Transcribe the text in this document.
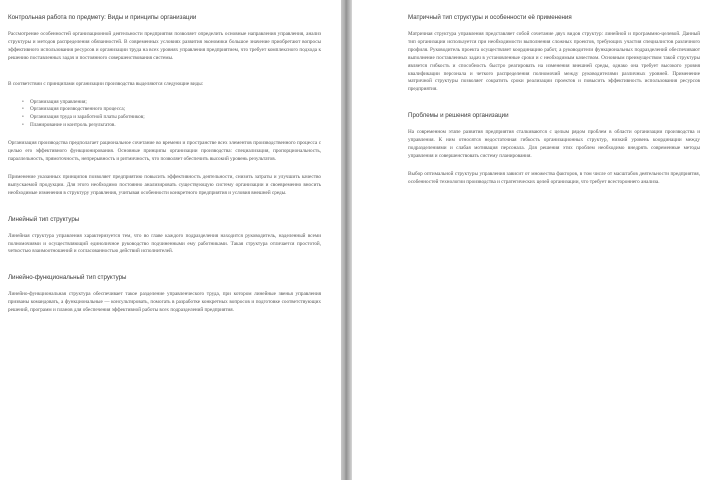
Контрольная работа по предмету: Виды и принципы организации
Рассмотрение особенностей организационной деятельности предприятия позволяет определить основные направления управления, анализ структуры и методов распределения обязанностей. В современных условиях развития экономики большое значение приобретают вопросы эффективного использования ресурсов и организации труда на всех уровнях управления предприятием, что требует комплексного подхода к решению поставленных задач и постоянного совершенствования системы.
В соответствии с принципами организации производства выделяются следующие виды:
• Организация управления;
• Организация производственного процесса;
• Организация труда и заработной платы работников;
• Планирование и контроль результатов.
Организация производства предполагает рациональное сочетание во времени и пространстве всех элементов производственного процесса с целью его эффективного функционирования. Основные принципы организации производства: специализация, пропорциональность, параллельность, прямоточность, непрерывность и ритмичность, что позволяет обеспечить высокий уровень результатов.
Применение указанных принципов позволяет предприятию повысить эффективность деятельности, снизить затраты и улучшить качество выпускаемой продукции. Для этого необходимо постоянно анализировать существующую систему организации и своевременно вносить необходимые изменения в структуру управления, учитывая особенности конкретного предприятия и условия внешней среды.
Линейный тип структуры
Линейная структура управления характеризуется тем, что во главе каждого подразделения находится руководитель, наделенный всеми полномочиями и осуществляющий единоличное руководство подчиненными ему работниками. Такая структура отличается простотой, четкостью взаимоотношений и согласованностью действий исполнителей.
Линейно-функциональный тип структуры
Линейно-функциональная структура обеспечивает такое разделение управленческого труда, при котором линейные звенья управления призваны командовать, а функциональные — консультировать, помогать в разработке конкретных вопросов и подготовке соответствующих решений, программ и планов для обеспечения эффективной работы всех подразделений предприятия.
Матричный тип структуры и особенности её применения
Матричная структура управления представляет собой сочетание двух видов структур: линейной и программно-целевой. Данный тип организации используется при необходимости выполнения сложных проектов, требующих участия специалистов различного профиля. Руководитель проекта осуществляет координацию работ, а руководители функциональных подразделений обеспечивают выполнение поставленных задач в установленные сроки и с необходимым качеством. Основным преимуществом такой структуры является гибкость и способность быстро реагировать на изменения внешней среды, однако она требует высокого уровня квалификации персонала и четкого распределения полномочий между руководителями различных уровней. Применение матричной структуры позволяет сократить сроки реализации проектов и повысить эффективность использования ресурсов предприятия.
Проблемы и решения организации
На современном этапе развития предприятия сталкиваются с целым рядом проблем в области организации производства и управления. К ним относятся недостаточная гибкость организационных структур, низкий уровень координации между подразделениями и слабая мотивация персонала. Для решения этих проблем необходимо внедрять современные методы управления и совершенствовать систему планирования.
Выбор оптимальной структуры управления зависит от множества факторов, в том числе от масштабов деятельности предприятия, особенностей технологии производства и стратегических целей организации, что требует всестороннего анализа.
